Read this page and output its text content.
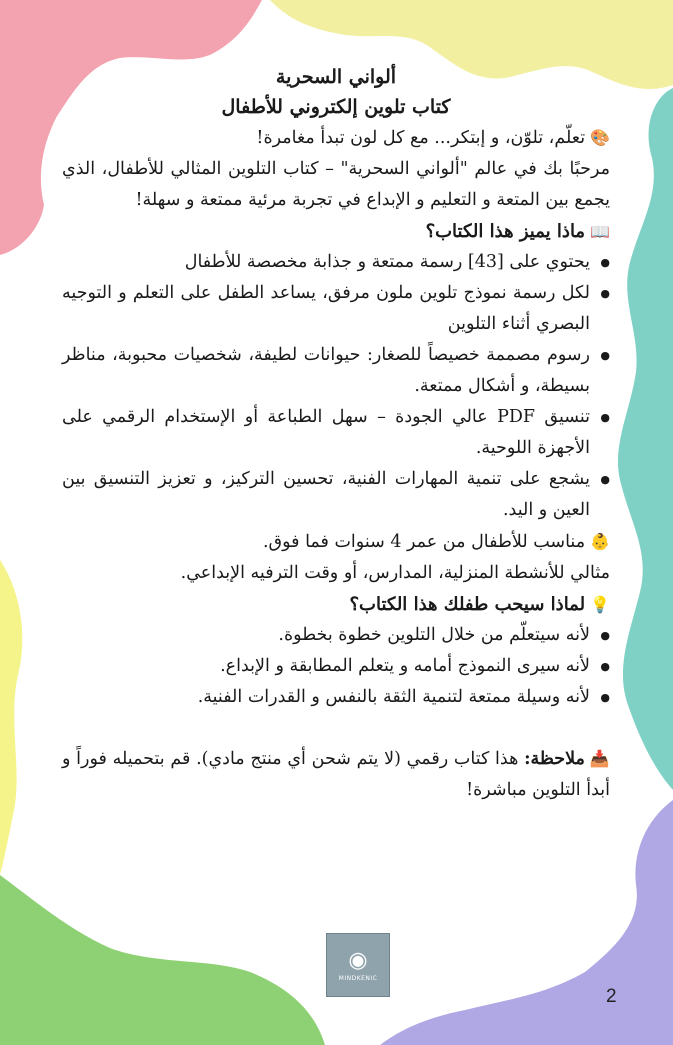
ألواني السحرية
كتاب تلوين إلكتروني للأطفال

🎨تعلّم، تلوّن، و إبتكر... مع كل لون تبدأ مغامرة!

مرحبًا بك في عالم "ألواني السحرية" – كتاب التلوين المثالي للأطفال، الذي يجمع بين المتعة و التعليم و الإبداع في تجربة مرئية ممتعة و سهلة!

📖ماذا يميز هذا الكتاب؟
● يحتوي على [43] رسمة ممتعة و جذابة مخصصة للأطفال
● لكل رسمة نموذج تلوين ملون مرفق، يساعد الطفل على التعلم و التوجيه البصري أثناء التلوين
● رسوم مصممة خصيصاً للصغار: حيوانات لطيفة، شخصيات محبوبة، مناظر بسيطة، و أشكال ممتعة.
● تنسيق PDF عالي الجودة – سهل الطباعة أو الإستخدام الرقمي على الأجهزة اللوحية.
● يشجع على تنمية المهارات الفنية، تحسين التركيز، و تعزيز التنسيق بين العين و اليد.

👶مناسب للأطفال من عمر 4 سنوات فما فوق.

مثالي للأنشطة المنزلية، المدارس، أو وقت الترفيه الإبداعي.

💡لماذا سيحب طفلك هذا الكتاب؟
● لأنه سيتعلّم من خلال التلوين خطوة بخطوة.
● لأنه سيرى النموذج أمامه و يتعلم المطابقة و الإبداع.
● لأنه وسيلة ممتعة لتنمية الثقة بالنفس و القدرات الفنية.

📥ملاحظة: هذا كتاب رقمي (لا يتم شحن أي منتج مادي). قم بتحميله فوراً و أبدأ التلوين مباشرة!

◉
MINDKENIC
2
